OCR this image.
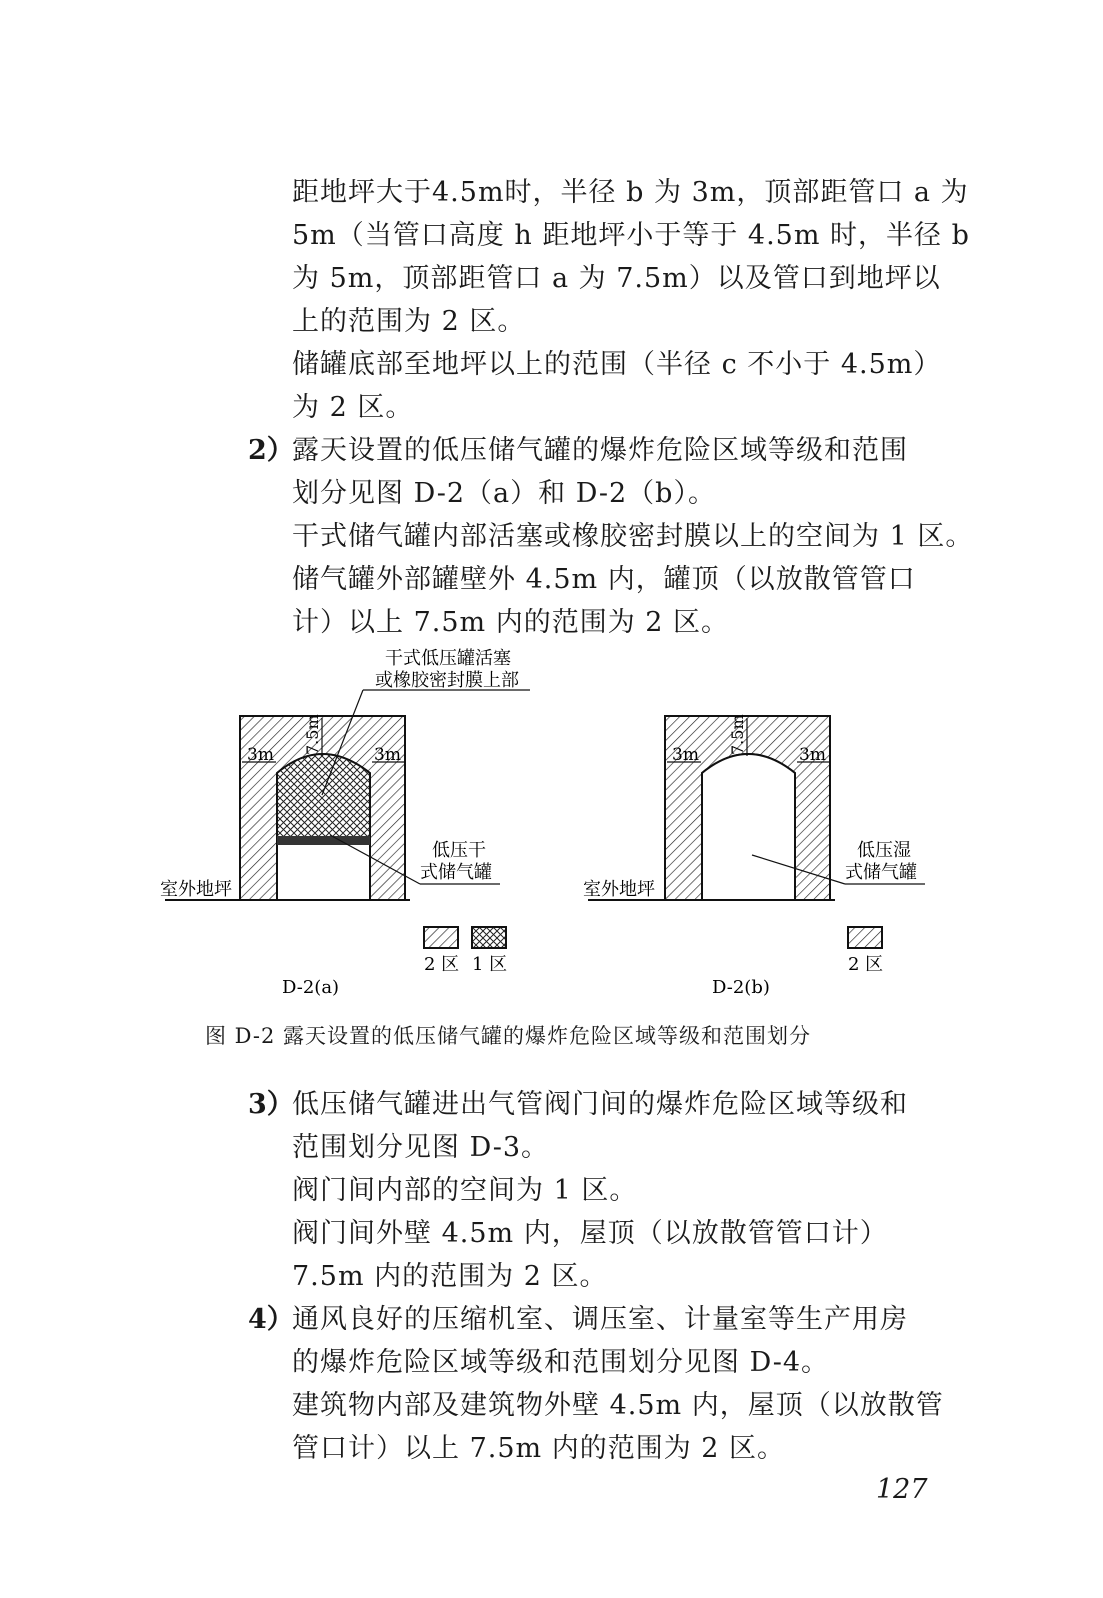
距地坪大于4.5m时，半径 b 为 3m，顶部距管口 a 为
5m（当管口高度 h 距地坪小于等于 4.5m 时，半径 b
为 5m，顶部距管口 a 为 7.5m）以及管口到地坪以
上的范围为 2 区。
储罐底部至地坪以上的范围（半径 c 不小于 4.5m）
为 2 区。
2）
露天设置的低压储气罐的爆炸危险区域等级和范围
划分见图 D-2（a）和 D-2（b）。
干式储气罐内部活塞或橡胶密封膜以上的空间为 1 区。
储气罐外部罐壁外 4.5m 内，罐顶（以放散管管口
计）以上 7.5m 内的范围为 2 区。
干式低压罐活塞
或橡胶密封膜上部
3m	3m
7.5m
低压干
式储气罐
室外地坪
2 区 1 区
D-2(a)
3m	3m
7.5m
低压湿
式储气罐
室外地坪
2 区
D-2(b)
图 D-2 露天设置的低压储气罐的爆炸危险区域等级和范围划分
3）
低压储气罐进出气管阀门间的爆炸危险区域等级和
范围划分见图 D-3。
阀门间内部的空间为 1 区。
阀门间外壁 4.5m 内，屋顶（以放散管管口计）
7.5m 内的范围为 2 区。
4）
通风良好的压缩机室、调压室、计量室等生产用房
的爆炸危险区域等级和范围划分见图 D-4。
建筑物内部及建筑物外壁 4.5m 内，屋顶（以放散管
管口计）以上 7.5m 内的范围为 2 区。
127
